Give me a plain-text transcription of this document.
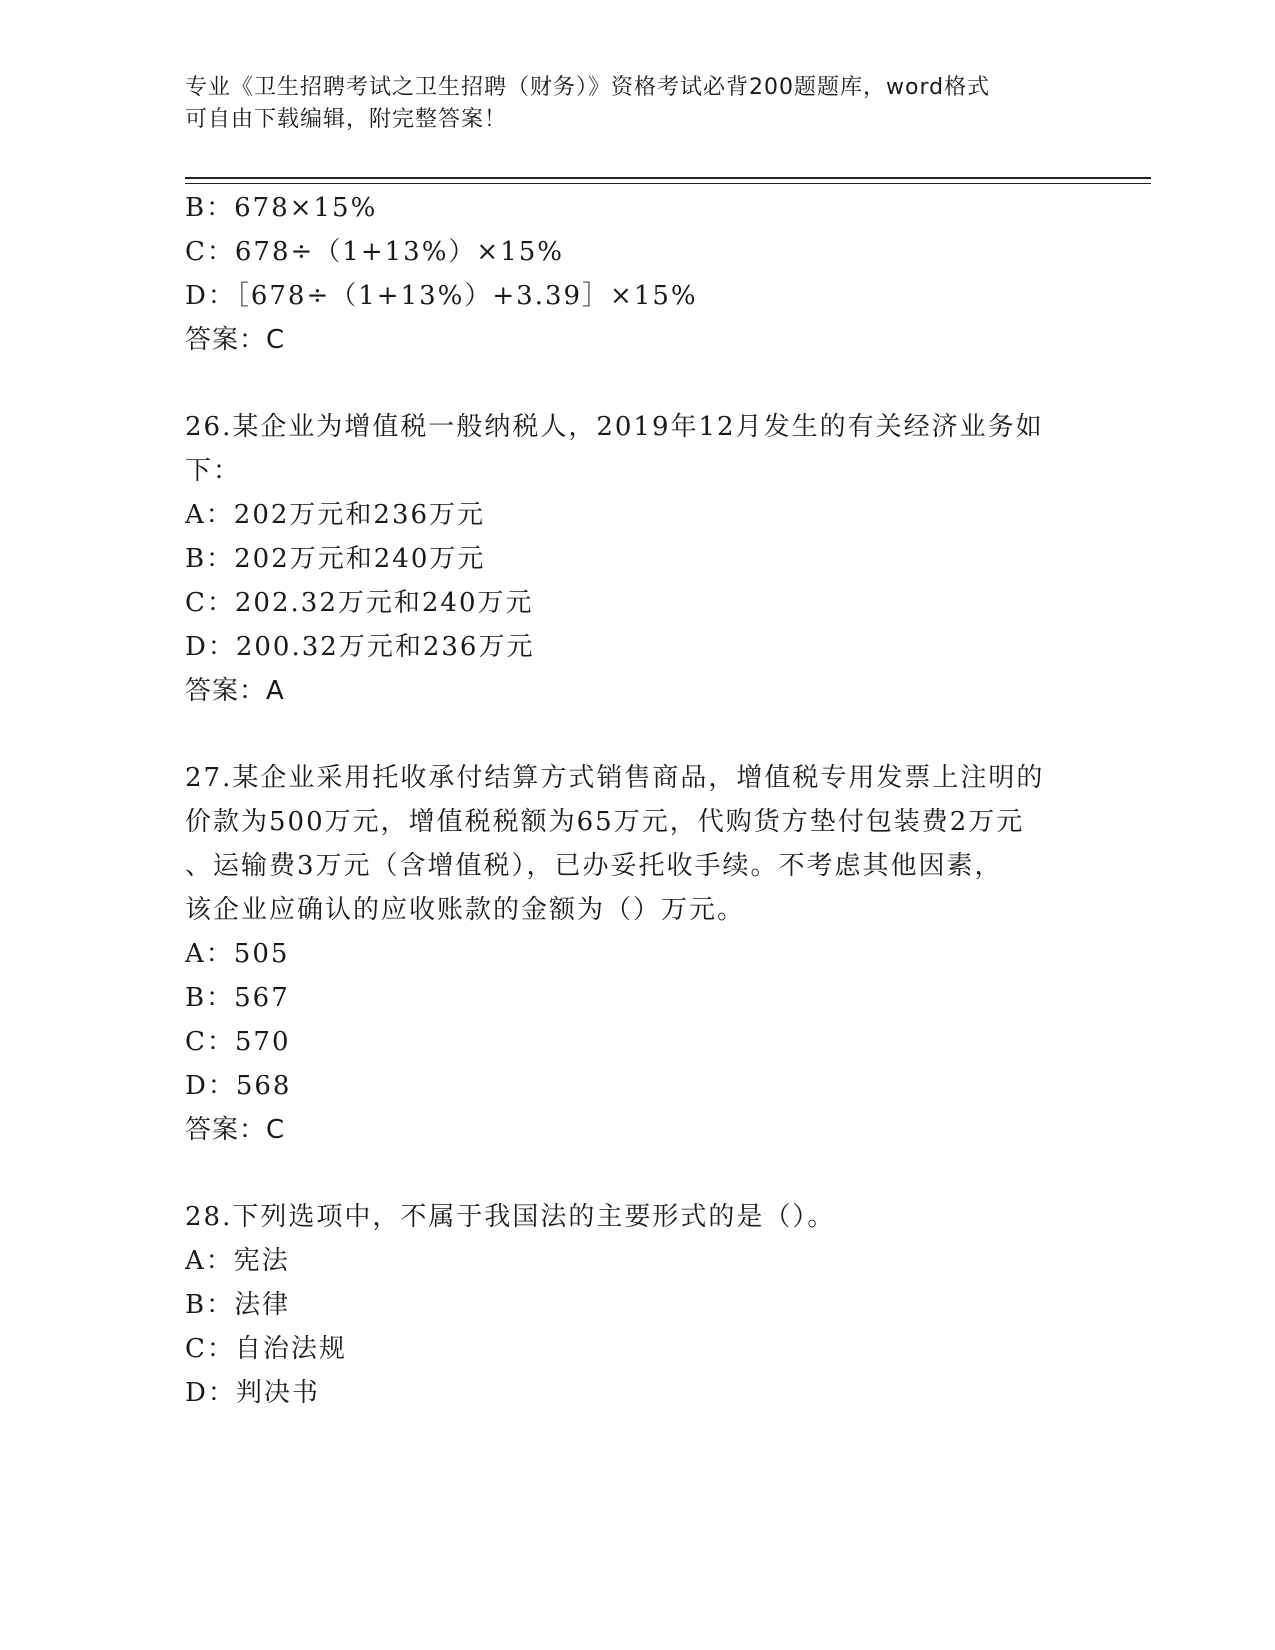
专业《卫生招聘考试之卫生招聘（财务）》资格考试必背200题题库，word格式
可自由下载编辑，附完整答案！
B：678×15%
C：678÷（1+13%）×15%
D：［678÷（1+13%）+3.39］×15%
答案：C
26.某企业为增值税一般纳税人，2019年12月发生的有关经济业务如
下：
A：202万元和236万元
B：202万元和240万元
C：202.32万元和240万元
D：200.32万元和236万元
答案：A
27.某企业采用托收承付结算方式销售商品，增值税专用发票上注明的
价款为500万元，增值税税额为65万元，代购货方垫付包装费2万元
、运输费3万元（含增值税），已办妥托收手续。不考虑其他因素，
该企业应确认的应收账款的金额为（）万元。
A：505
B：567
C：570
D：568
答案：C
28.下列选项中，不属于我国法的主要形式的是（）。
A：宪法
B：法律
C：自治法规
D：判决书
